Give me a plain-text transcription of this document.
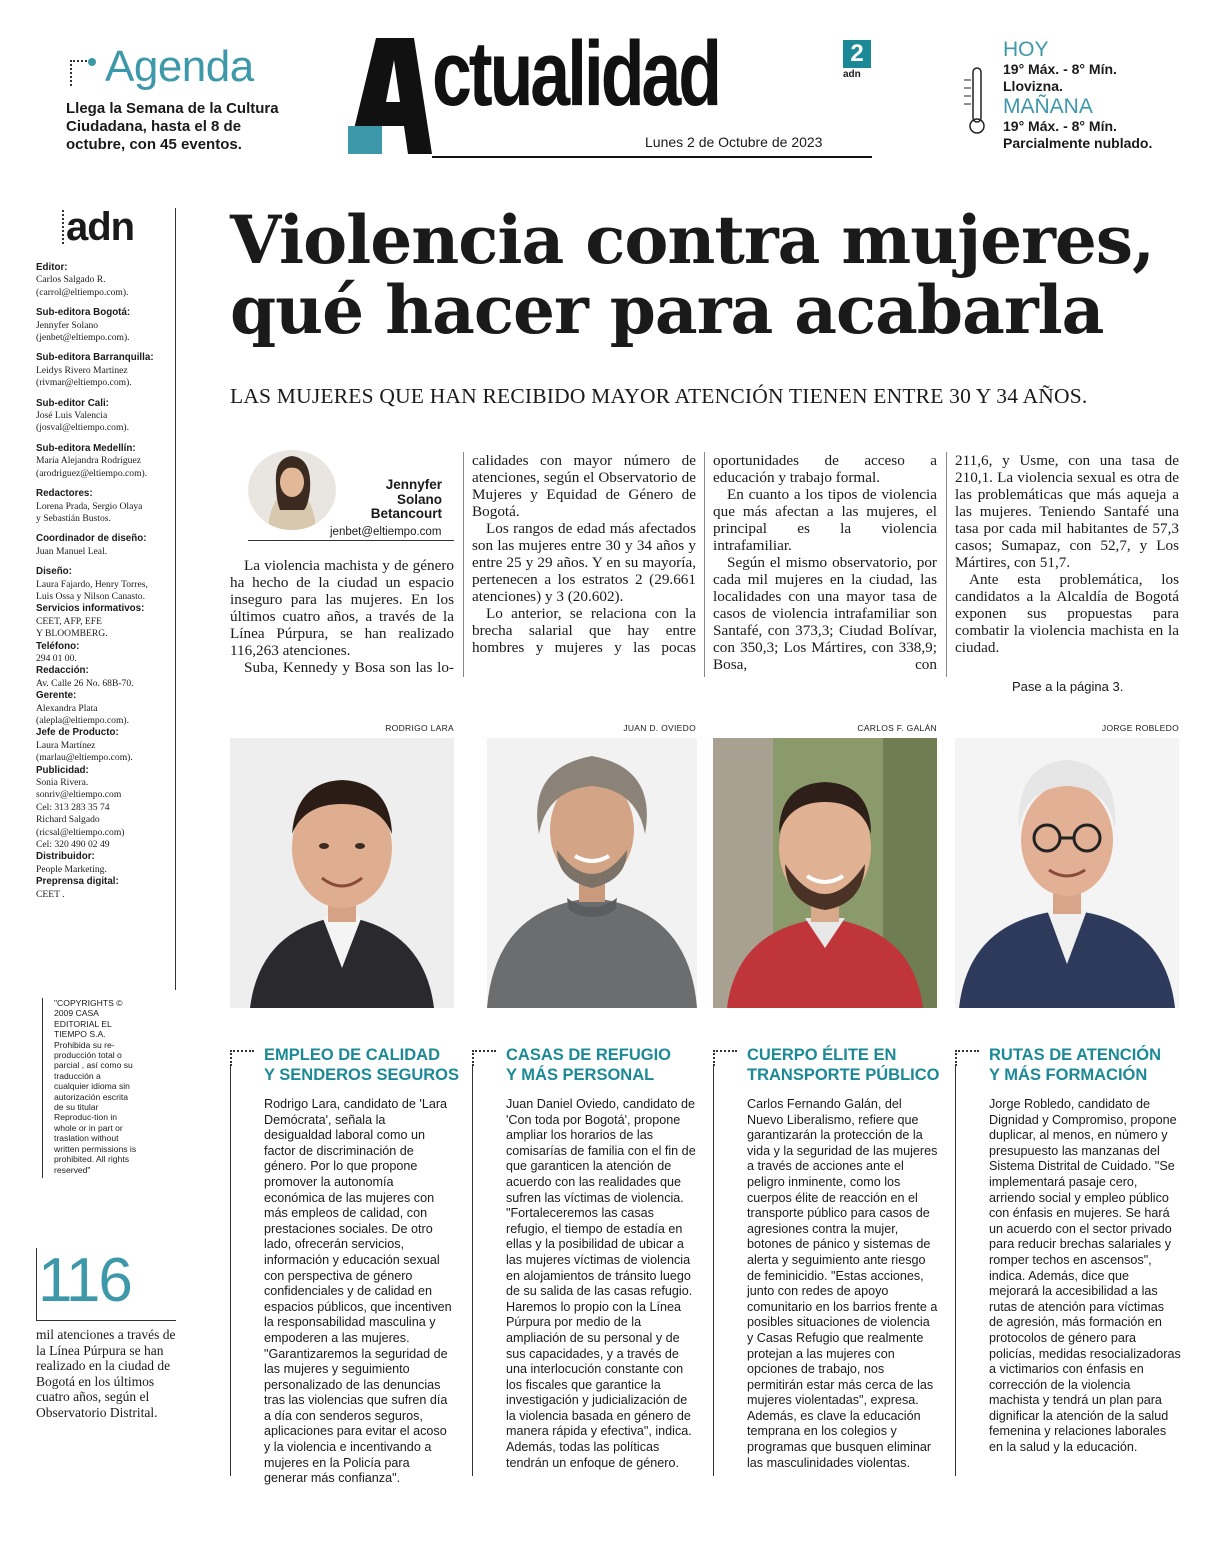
Agenda
Llega la Semana de la Cultura Ciudadana, hasta el 8 de octubre, con 45 eventos.
ctualidad	2
adn
Lunes 2 de Octubre de 2023
HOY
19° Máx. - 8° Mín.
Llovizna.
MAÑANA
19° Máx. - 8° Mín.
Parcialmente nublado.
adn
Editor:
Carlos Salgado R.
(carrol@eltiempo.com).
Sub-editora Bogotá:
Jennyfer Solano
(jenbet@eltiempo.com).
Sub-editora Barranquilla:
Leidys Rivero Martínez
(rivmar@eltiempo.com).
Sub-editor Cali:
José Luis Valencia
(josval@eltiempo.com).
Sub-editora Medellín:
María Alejandra Rodríguez
(arodriguez@eltiempo.com).
Redactores:
Lorena Prada, Sergio Olaya
y Sebastián Bustos.
Coordinador de diseño:
Juan Manuel Leal.
Diseño:
Laura Fajardo, Henry Torres,
Luis Ossa y Nilson Canasto.
Servicios informativos:
CEET, AFP, EFE
Y BLOOMBERG.
Teléfono:
294 01 00.
Redacción:
Av. Calle 26 No. 68B-70.
Gerente:
Alexandra Plata
(alepla@eltiempo.com).
Jefe de Producto:
Laura Martínez
(marlau@eltiempo.com).
Publicidad:
Sonia Rivera.
sonriv@eltiempo.com
Cel: 313 283 35 74
Richard Salgado
(ricsal@eltiempo.com)
Cel: 320 490 02 49
Distribuidor:
People Marketing.
Preprensa digital:
CEET .
"COPYRIGHTS © 2009 CASA EDITORIAL EL TIEMPO S.A. Prohibida su re-producción total o parcial , así como su traducción a cualquier idioma sin autorización escrita de su titular Reproduc-tion in whole or in part or traslation without written permissions is prohibited. All rights reserved"
116
mil atenciones a través de la Línea Púrpura se han realizado en la ciudad de Bogotá en los últimos cuatro años, según el Observatorio Distrital.
Violencia contra mujeres,
qué hacer para acabarla
LAS MUJERES QUE HAN RECIBIDO MAYOR ATENCIÓN TIENEN ENTRE 30 Y 34 AÑOS.
Jennyfer
Solano
Betancourt
jenbet@eltiempo.com

La violencia machista y de género ha hecho de la ciudad un espacio inseguro para las mujeres. En los últimos cuatro años, a través de la Línea Púrpura, se han realizado 116,263 atenciones.

Suba, Kennedy y Bosa son las lo-

calidades con mayor número de atenciones, según el Observatorio de Mujeres y Equidad de Género de Bogotá.

Los rangos de edad más afectados son las mujeres entre 30 y 34 años y entre 25 y 29 años. Y en su mayoría, pertenecen a los estratos 2 (29.661 atenciones) y 3 (20.602).

Lo anterior, se relaciona con la brecha salarial que hay entre hombres y mujeres y las pocas

oportunidades de acceso a educación y trabajo formal.

En cuanto a los tipos de violencia que más afectan a las mujeres, el principal es la violencia intrafamiliar.

Según el mismo observatorio, por cada mil mujeres en la ciudad, las localidades con una mayor tasa de casos de violencia intrafamiliar son Santafé, con 373,3; Ciudad Bolívar, con 350,3; Los Mártires, con 338,9; Bosa, con

211,6, y Usme, con una tasa de 210,1. La violencia sexual es otra de las problemáticas que más aqueja a las mujeres. Teniendo Santafé una tasa por cada mil habitantes de 57,3 casos; Sumapaz, con 52,7, y Los Mártires, con 51,7.

Ante esta problemática, los candidatos a la Alcaldía de Bogotá exponen sus propuestas para combatir la violencia machista en la ciudad.

Pase a la página 3.
RODRIGO LARA
EMPLEO DE CALIDAD
Y SENDEROS SEGUROS
Rodrigo Lara, candidato de 'Lara Demócrata', señala la desigualdad laboral como un factor de discriminación de género. Por lo que propone promover la autonomía económica de las mujeres con más empleos de calidad, con prestaciones sociales. De otro lado, ofrecerán servicios, información y educación sexual con perspectiva de género confidenciales y de calidad en espacios públicos, que incentiven la responsabilidad masculina y empoderen a las mujeres. "Garantizaremos la seguridad de las mujeres y seguimiento personalizado de las denuncias tras las violencias que sufren día a día con senderos seguros, aplicaciones para evitar el acoso y la violencia e incentivando a mujeres en la Policía para generar más confianza".
JUAN D. OVIEDO
CASAS DE REFUGIO
Y MÁS PERSONAL
Juan Daniel Oviedo, candidato de 'Con toda por Bogotá', propone ampliar los horarios de las comisarías de familia con el fin de que garanticen la atención de acuerdo con las realidades que sufren las víctimas de violencia. "Fortaleceremos las casas refugio, el tiempo de estadía en ellas y la posibilidad de ubicar a las mujeres víctimas de violencia en alojamientos de tránsito luego de su salida de las casas refugio. Haremos lo propio con la Línea Púrpura por medio de la ampliación de su personal y de sus capacidades, y a través de una interlocución constante con los fiscales que garantice la investigación y judicialización de la violencia basada en género de manera rápida y efectiva", indica. Además, todas las políticas tendrán un enfoque de género.
CARLOS F. GALÁN
CUERPO ÉLITE EN
TRANSPORTE PÚBLICO
Carlos Fernando Galán, del Nuevo Liberalismo, refiere que garantizarán la protección de la vida y la seguridad de las mujeres a través de acciones ante el peligro inminente, como los cuerpos élite de reacción en el transporte público para casos de agresiones contra la mujer, botones de pánico y sistemas de alerta y seguimiento ante riesgo de feminicidio. "Estas acciones, junto con redes de apoyo comunitario en los barrios frente a posibles situaciones de violencia y Casas Refugio que realmente protejan a las mujeres con opciones de trabajo, nos permitirán estar más cerca de las mujeres violentadas", expresa. Además, es clave la educación temprana en los colegios y programas que busquen eliminar las masculinidades violentas.
JORGE ROBLEDO
RUTAS DE ATENCIÓN
Y MÁS FORMACIÓN
Jorge Robledo, candidato de Dignidad y Compromiso, propone duplicar, al menos, en número y presupuesto las manzanas del Sistema Distrital de Cuidado. "Se implementará pasaje cero, arriendo social y empleo público con énfasis en mujeres. Se hará un acuerdo con el sector privado para reducir brechas salariales y romper techos en ascensos", indica. Además, dice que mejorará la accesibilidad a las rutas de atención para víctimas de agresión, más formación en protocolos de género para policías, medidas resocializadoras a victimarios con énfasis en corrección de la violencia machista y tendrá un plan para dignificar la atención de la salud femenina y relaciones laborales en la salud y la educación.
